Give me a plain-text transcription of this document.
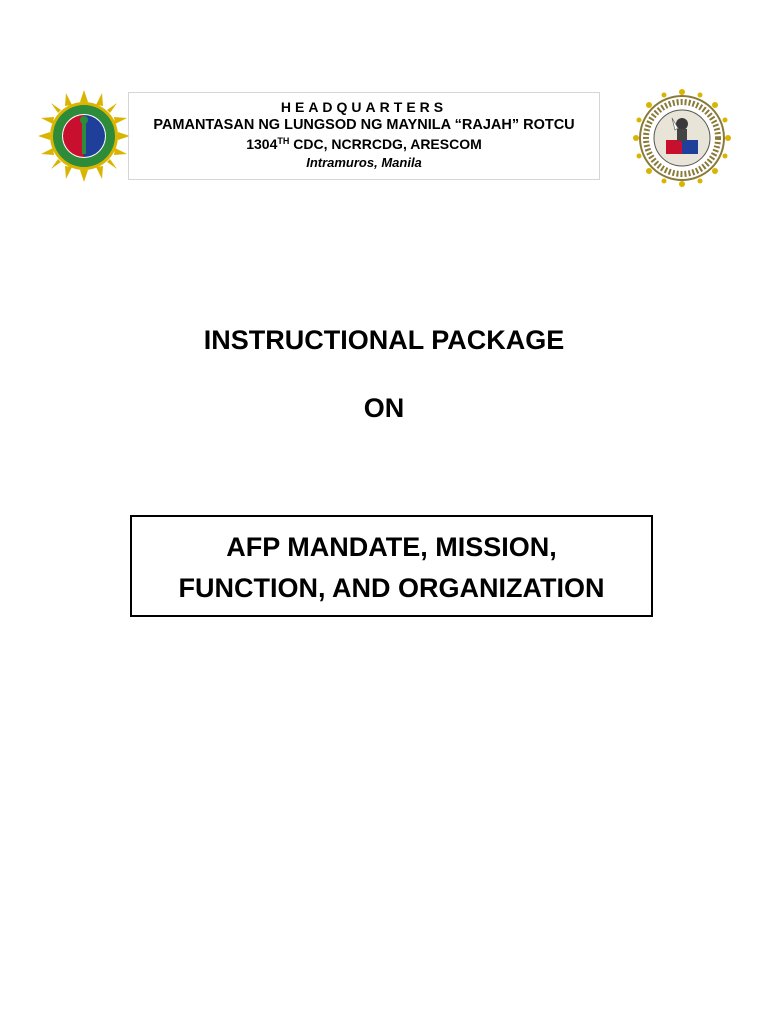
HEADQUARTERS
PAMANTASAN NG LUNGSOD NG MAYNILA “RAJAH” ROTCU
1304TH CDC, NCRRCDG, ARESCOM
Intramuros, Manila
INSTRUCTIONAL PACKAGE
ON
AFP MANDATE, MISSION,
FUNCTION, AND ORGANIZATION
